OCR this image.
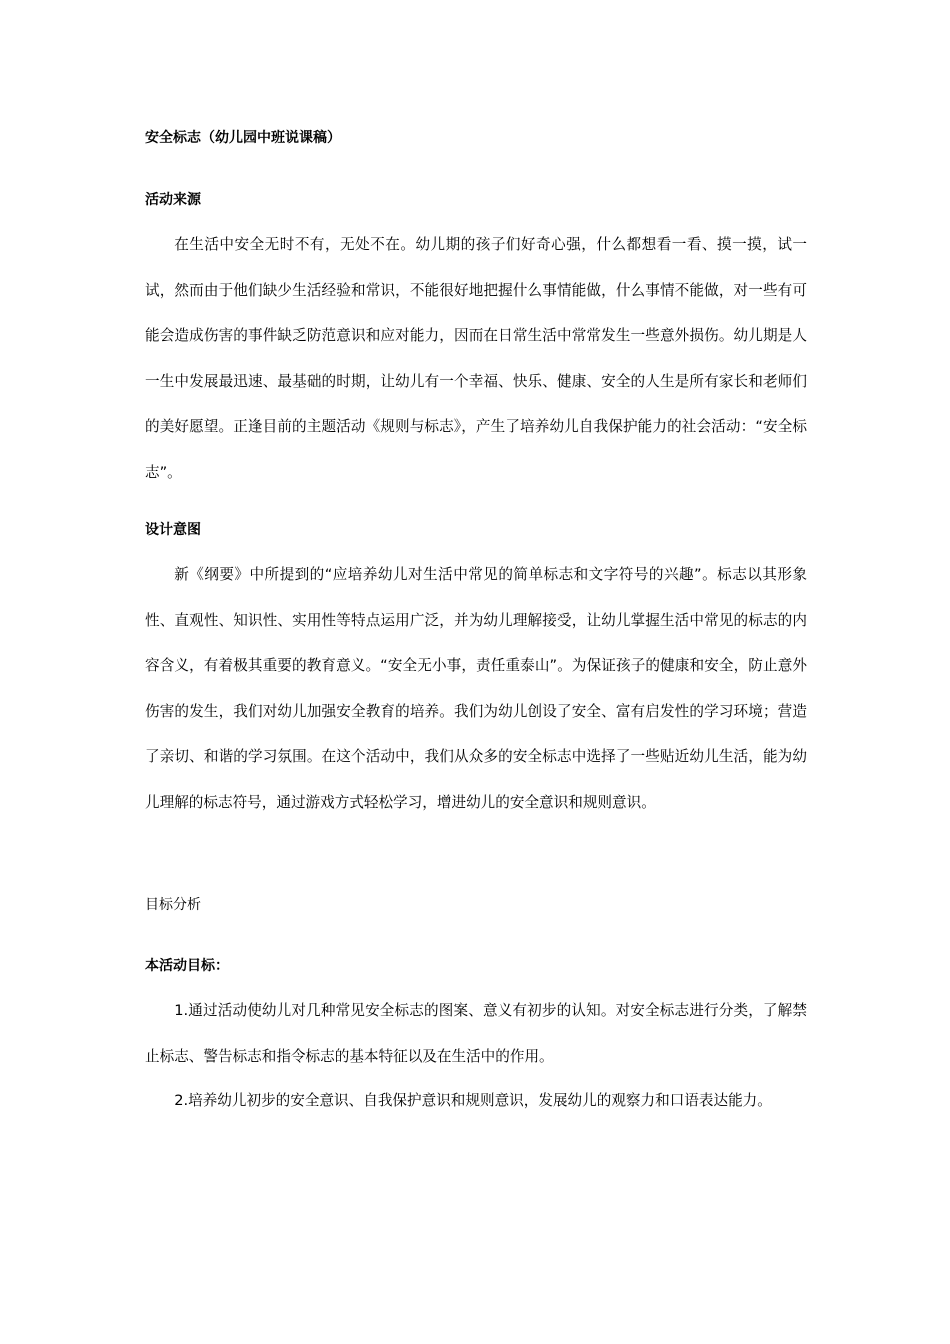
安全标志（幼儿园中班说课稿）
活动来源
在生活中安全无时不有，无处不在。幼儿期的孩子们好奇心强，什么都想看一看、摸一摸，试一试，然而由于他们缺少生活经验和常识，不能很好地把握什么事情能做，什么事情不能做，对一些有可能会造成伤害的事件缺乏防范意识和应对能力，因而在日常生活中常常发生一些意外损伤。幼儿期是人一生中发展最迅速、最基础的时期，让幼儿有一个幸福、快乐、健康、安全的人生是所有家长和老师们的美好愿望。正逢目前的主题活动《规则与标志》，产生了培养幼儿自我保护能力的社会活动：“安全标志”。
设计意图
新《纲要》中所提到的“应培养幼儿对生活中常见的简单标志和文字符号的兴趣”。标志以其形象性、直观性、知识性、实用性等特点运用广泛，并为幼儿理解接受，让幼儿掌握生活中常见的标志的内容含义，有着极其重要的教育意义。“安全无小事，责任重泰山”。为保证孩子的健康和安全，防止意外伤害的发生，我们对幼儿加强安全教育的培养。我们为幼儿创设了安全、富有启发性的学习环境；营造了亲切、和谐的学习氛围。在这个活动中，我们从众多的安全标志中选择了一些贴近幼儿生活，能为幼儿理解的标志符号，通过游戏方式轻松学习，增进幼儿的安全意识和规则意识。
目标分析
本活动目标：
1.通过活动使幼儿对几种常见安全标志的图案、意义有初步的认知。对安全标志进行分类，了解禁止标志、警告标志和指令标志的基本特征以及在生活中的作用。
2.培养幼儿初步的安全意识、自我保护意识和规则意识，发展幼儿的观察力和口语表达能力。
